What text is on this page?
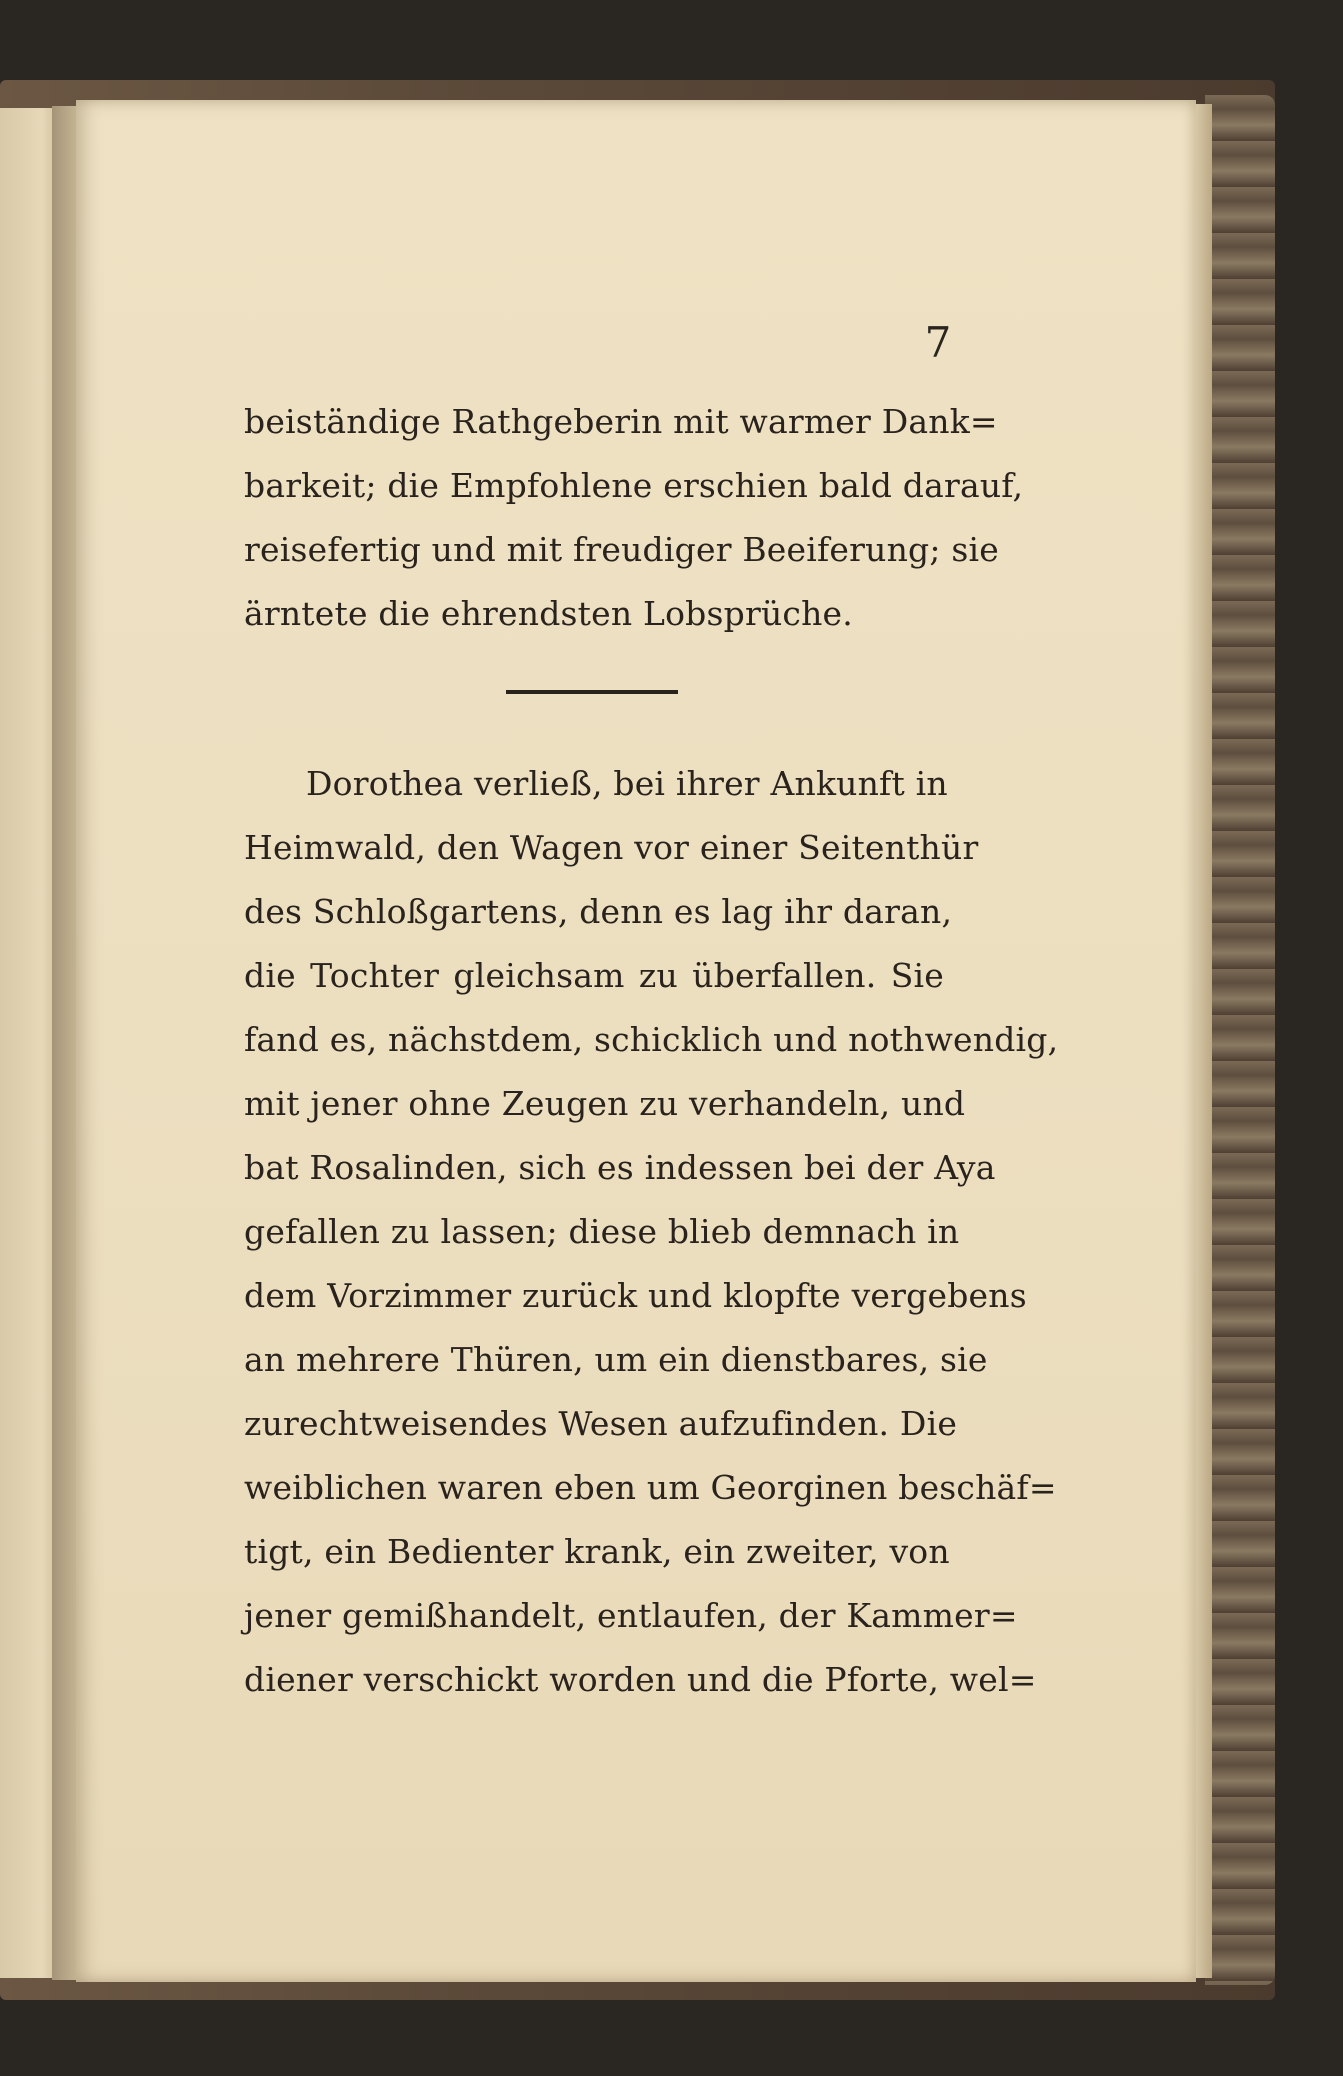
7
beiständige Rathgeberin mit warmer Dank=
barkeit; die Empfohlene erschien bald darauf,
reisefertig und mit freudiger Beeiferung; sie
ärntete die ehrendsten Lobsprüche.
Dorothea verließ, bei ihrer Ankunft in
Heimwald, den Wagen vor einer Seitenthür
des Schloßgartens, denn es lag ihr daran,
die Tochter gleichsam zu überfallen. Sie
fand es, nächstdem, schicklich und nothwendig,
mit jener ohne Zeugen zu verhandeln, und
bat Rosalinden, sich es indessen bei der Aya
gefallen zu lassen; diese blieb demnach in
dem Vorzimmer zurück und klopfte vergebens
an mehrere Thüren, um ein dienstbares, sie
zurechtweisendes Wesen aufzufinden. Die
weiblichen waren eben um Georginen beschäf=
tigt, ein Bedienter krank, ein zweiter, von
jener gemißhandelt, entlaufen, der Kammer=
diener verschickt worden und die Pforte, wel=
